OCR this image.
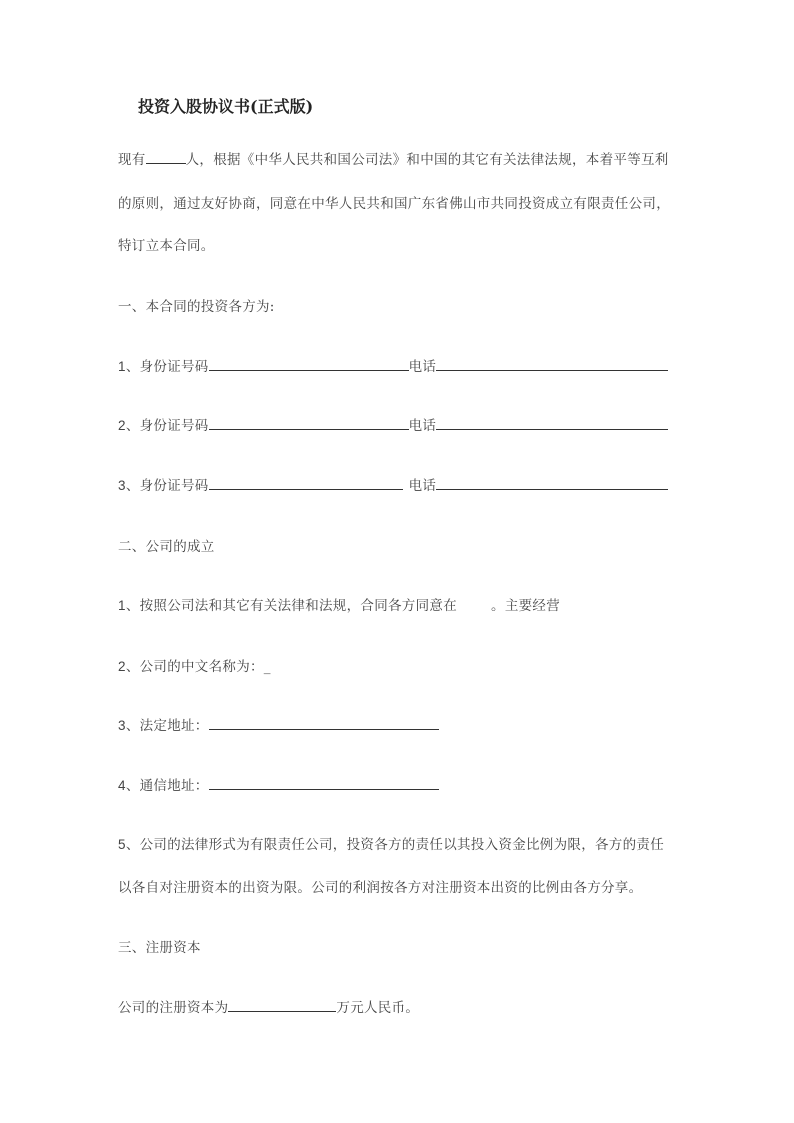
投资入股协议书(正式版)
现有	人，根据《中华人民共和国公司法》和中国的其它有关法律法规，本着平等互利
的原则，通过友好协商，同意在中华人民共和国广东省佛山市共同投资成立有限责任公司，
特订立本合同。
一、本合同的投资各方为:
1、身份证号码	电话
2、身份证号码	电话
3、身份证号码	电话
二、公司的成立
1、按照公司法和其它有关法律和法规，合同各方同意在	。主要经营
2、公司的中文名称为：_
3、法定地址：
4、通信地址：
5、公司的法律形式为有限责任公司，投资各方的责任以其投入资金比例为限，各方的责任
以各自对注册资本的出资为限。公司的利润按各方对注册资本出资的比例由各方分享。
三、注册资本
公司的注册资本为	万元人民币。
